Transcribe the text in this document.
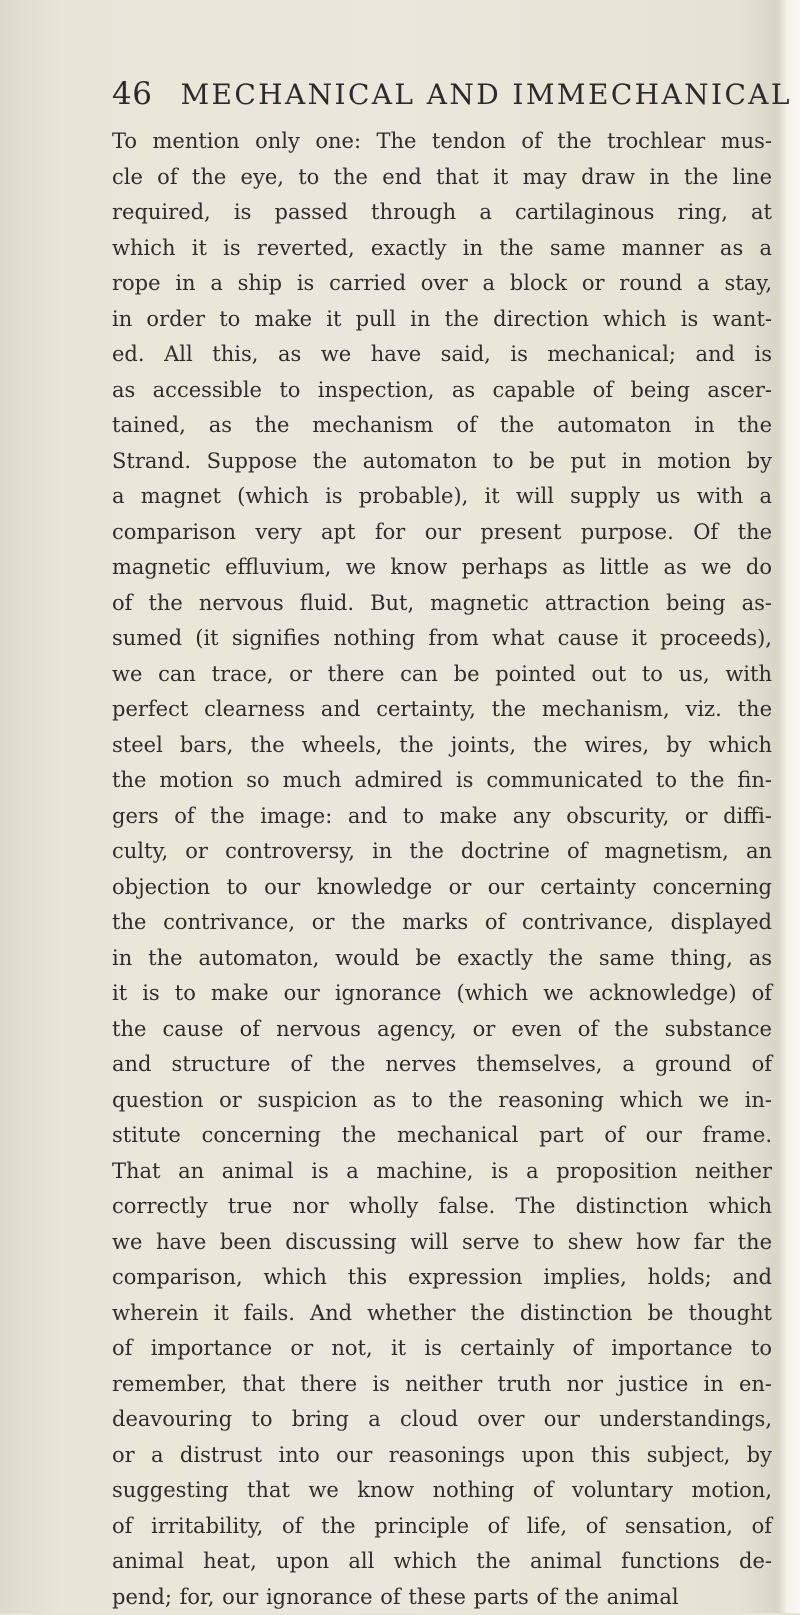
46 MECHANICAL AND IMMECHANICAL
To mention only one: The tendon of the trochlear mus-
cle of the eye, to the end that it may draw in the line
required, is passed through a cartilaginous ring, at
which it is reverted, exactly in the same manner as a
rope in a ship is carried over a block or round a stay,
in order to make it pull in the direction which is want-
ed. All this, as we have said, is mechanical; and is
as accessible to inspection, as capable of being ascer-
tained, as the mechanism of the automaton in the
Strand. Suppose the automaton to be put in motion by
a magnet (which is probable), it will supply us with a
comparison very apt for our present purpose. Of the
magnetic effluvium, we know perhaps as little as we do
of the nervous fluid. But, magnetic attraction being as-
sumed (it signifies nothing from what cause it proceeds),
we can trace, or there can be pointed out to us, with
perfect clearness and certainty, the mechanism, viz. the
steel bars, the wheels, the joints, the wires, by which
the motion so much admired is communicated to the fin-
gers of the image: and to make any obscurity, or diffi-
culty, or controversy, in the doctrine of magnetism, an
objection to our knowledge or our certainty concerning
the contrivance, or the marks of contrivance, displayed
in the automaton, would be exactly the same thing, as
it is to make our ignorance (which we acknowledge) of
the cause of nervous agency, or even of the substance
and structure of the nerves themselves, a ground of
question or suspicion as to the reasoning which we in-
stitute concerning the mechanical part of our frame.
That an animal is a machine, is a proposition neither
correctly true nor wholly false. The distinction which
we have been discussing will serve to shew how far the
comparison, which this expression implies, holds; and
wherein it fails. And whether the distinction be thought
of importance or not, it is certainly of importance to
remember, that there is neither truth nor justice in en-
deavouring to bring a cloud over our understandings,
or a distrust into our reasonings upon this subject, by
suggesting that we know nothing of voluntary motion,
of irritability, of the principle of life, of sensation, of
animal heat, upon all which the animal functions de-
pend; for, our ignorance of these parts of the animal
